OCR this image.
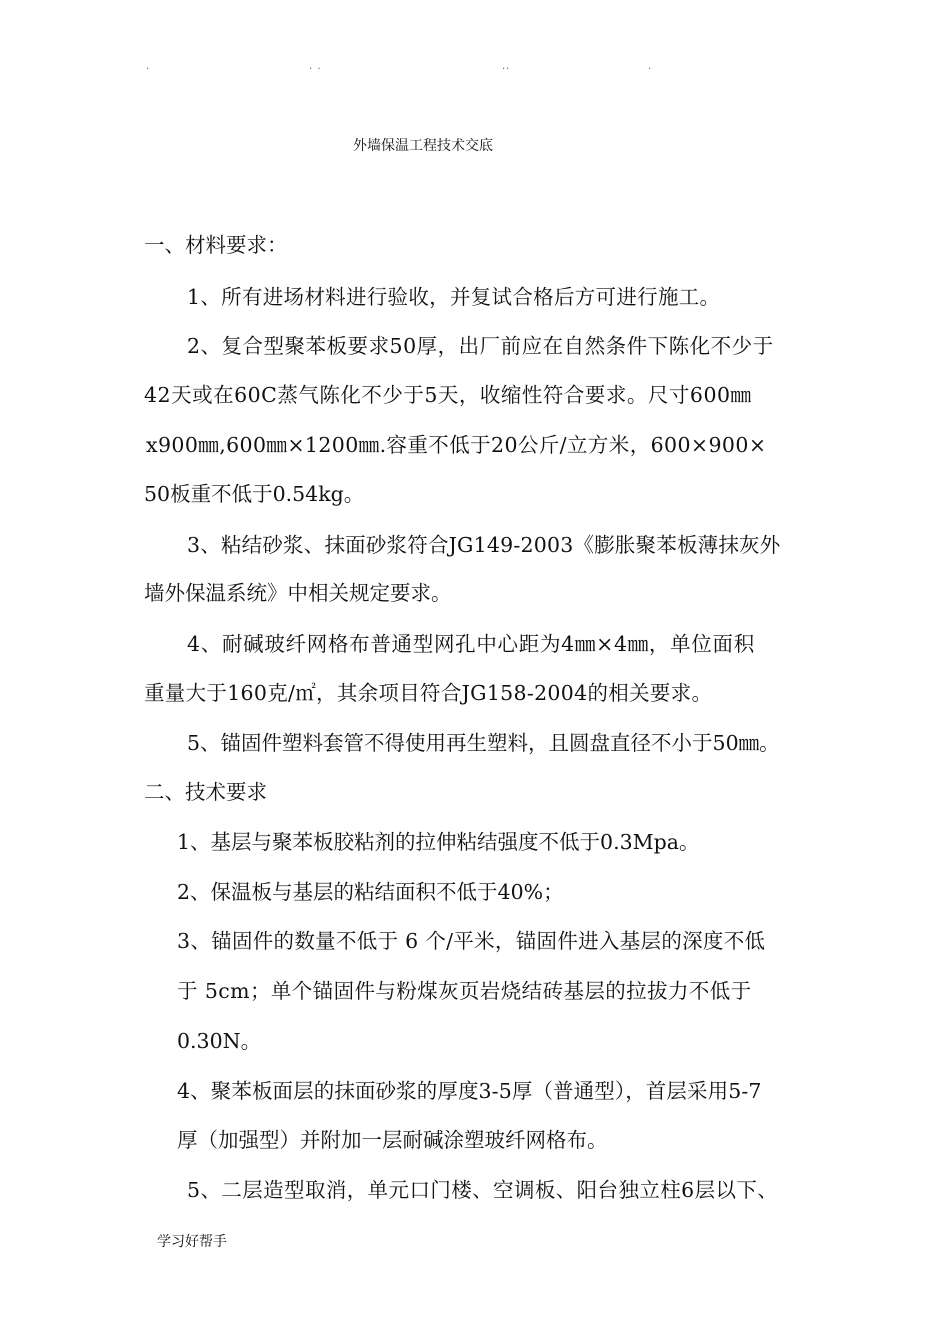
.	. .	..	.
外墙保温工程技术交底
一、材料要求：
1、所有进场材料进行验收，并复试合格后方可进行施工。
2、复合型聚苯板要求50厚，出厂前应在自然条件下陈化不少于
42天或在60C蒸气陈化不少于5天，收缩性符合要求。尺寸600㎜
x900㎜,600㎜×1200㎜.容重不低于20公斤/立方米，600×900×
50板重不低于0.54kg。
3、粘结砂浆、抹面砂浆符合JG149-2003《膨胀聚苯板薄抹灰外
墙外保温系统》中相关规定要求。
4、耐碱玻纤网格布普通型网孔中心距为4㎜×4㎜，单位面积
重量大于160克/㎡，其余项目符合JG158-2004的相关要求。
5、锚固件塑料套管不得使用再生塑料，且圆盘直径不小于50㎜。
二、技术要求
1、基层与聚苯板胶粘剂的拉伸粘结强度不低于0.3Mpa。
2、保温板与基层的粘结面积不低于40%；
3、锚固件的数量不低于 6 个/平米，锚固件进入基层的深度不低
于 5cm；单个锚固件与粉煤灰页岩烧结砖基层的拉拔力不低于
0.30N。
4、聚苯板面层的抹面砂浆的厚度3-5厚（普通型），首层采用5-7
厚（加强型）并附加一层耐碱涂塑玻纤网格布。
5、二层造型取消，单元口门楼、空调板、阳台独立柱6层以下、
学习好帮手
